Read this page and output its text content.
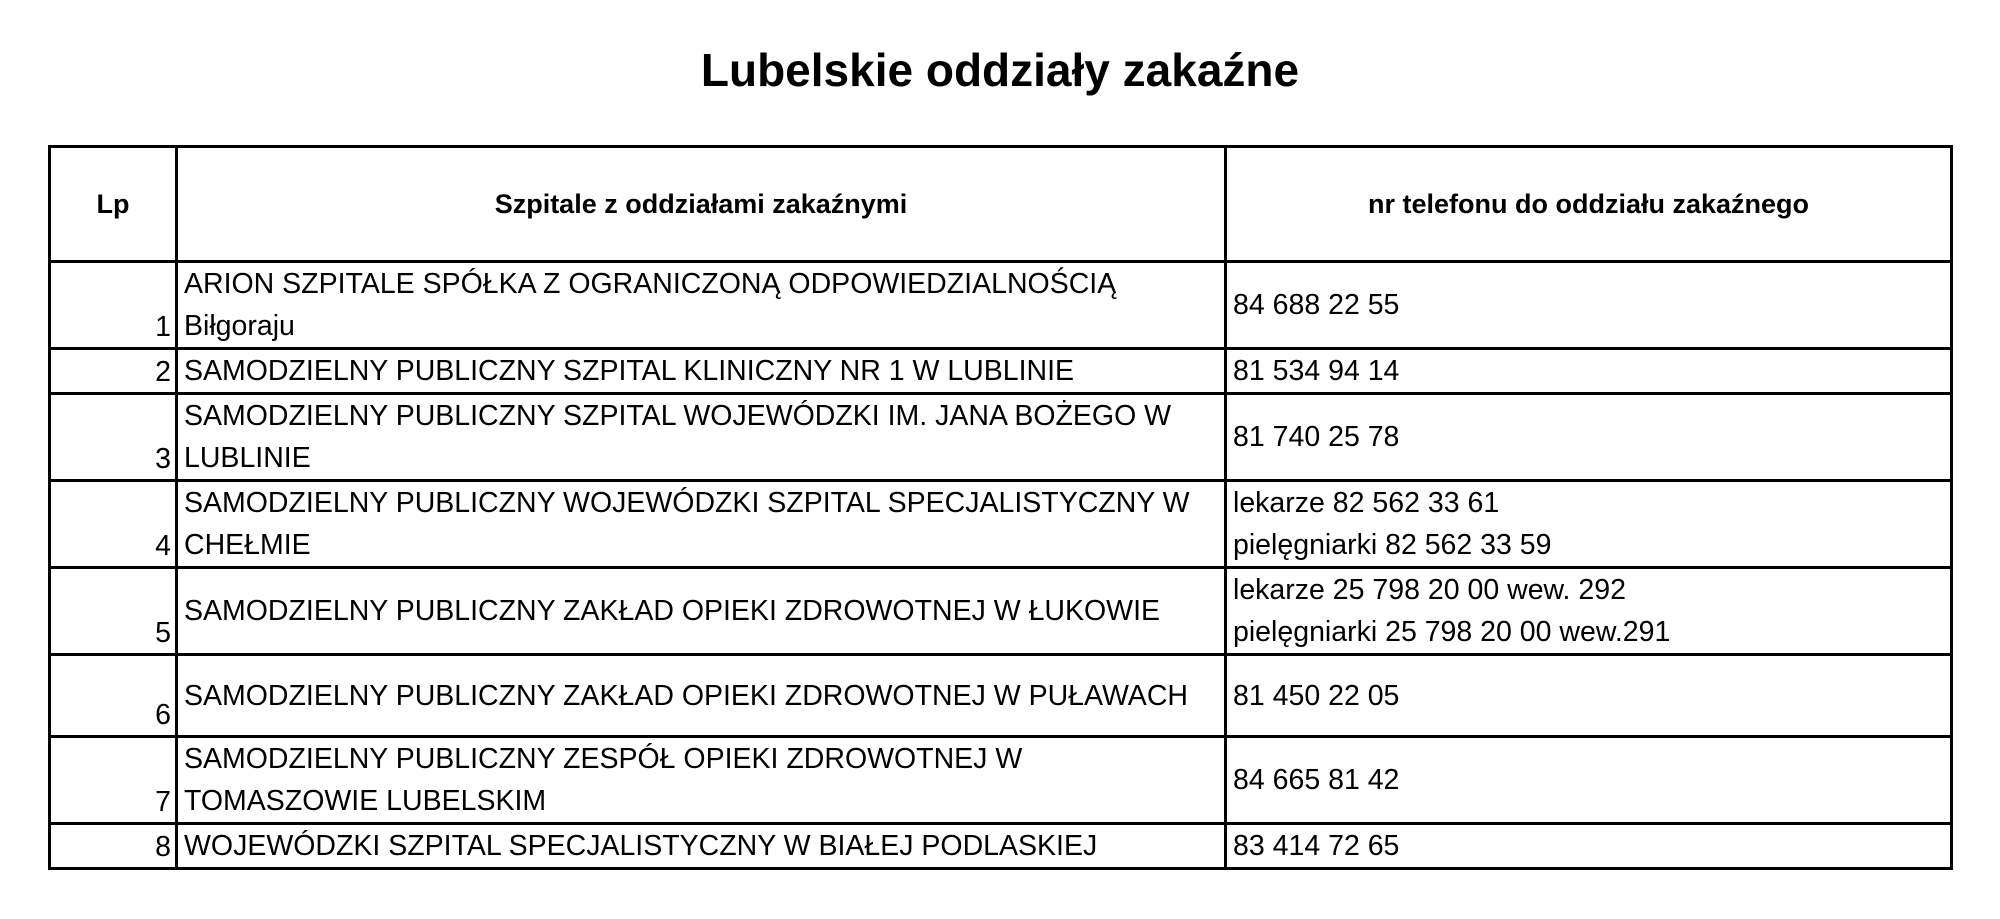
Lubelskie oddziały zakaźne
Lp	Szpitale z oddziałami zakaźnymi	nr telefonu do oddziału zakaźnego
1	ARION SZPITALE SPÓŁKA Z OGRANICZONĄ ODPOWIEDZIALNOŚCIĄ Biłgoraju	84 688 22 55

2	SAMODZIELNY PUBLICZNY SZPITAL KLINICZNY NR 1 W LUBLINIE	81 534 94 14

3	SAMODZIELNY PUBLICZNY SZPITAL WOJEWÓDZKI IM. JANA BOŻEGO W LUBLINIE	81 740 25 78

4	SAMODZIELNY PUBLICZNY WOJEWÓDZKI SZPITAL SPECJALISTYCZNY W CHEŁMIE	lekarze 82 562 33 61
pielęgniarki 82 562 33 59

5	SAMODZIELNY PUBLICZNY ZAKŁAD OPIEKI ZDROWOTNEJ W ŁUKOWIE	lekarze 25 798 20 00 wew. 292
pielęgniarki 25 798 20 00 wew.291

6	SAMODZIELNY PUBLICZNY ZAKŁAD OPIEKI ZDROWOTNEJ W PUŁAWACH	81 450 22 05

7	SAMODZIELNY PUBLICZNY ZESPÓŁ OPIEKI ZDROWOTNEJ W TOMASZOWIE LUBELSKIM	84 665 81 42

8	WOJEWÓDZKI SZPITAL SPECJALISTYCZNY W BIAŁEJ PODLASKIEJ	83 414 72 65
